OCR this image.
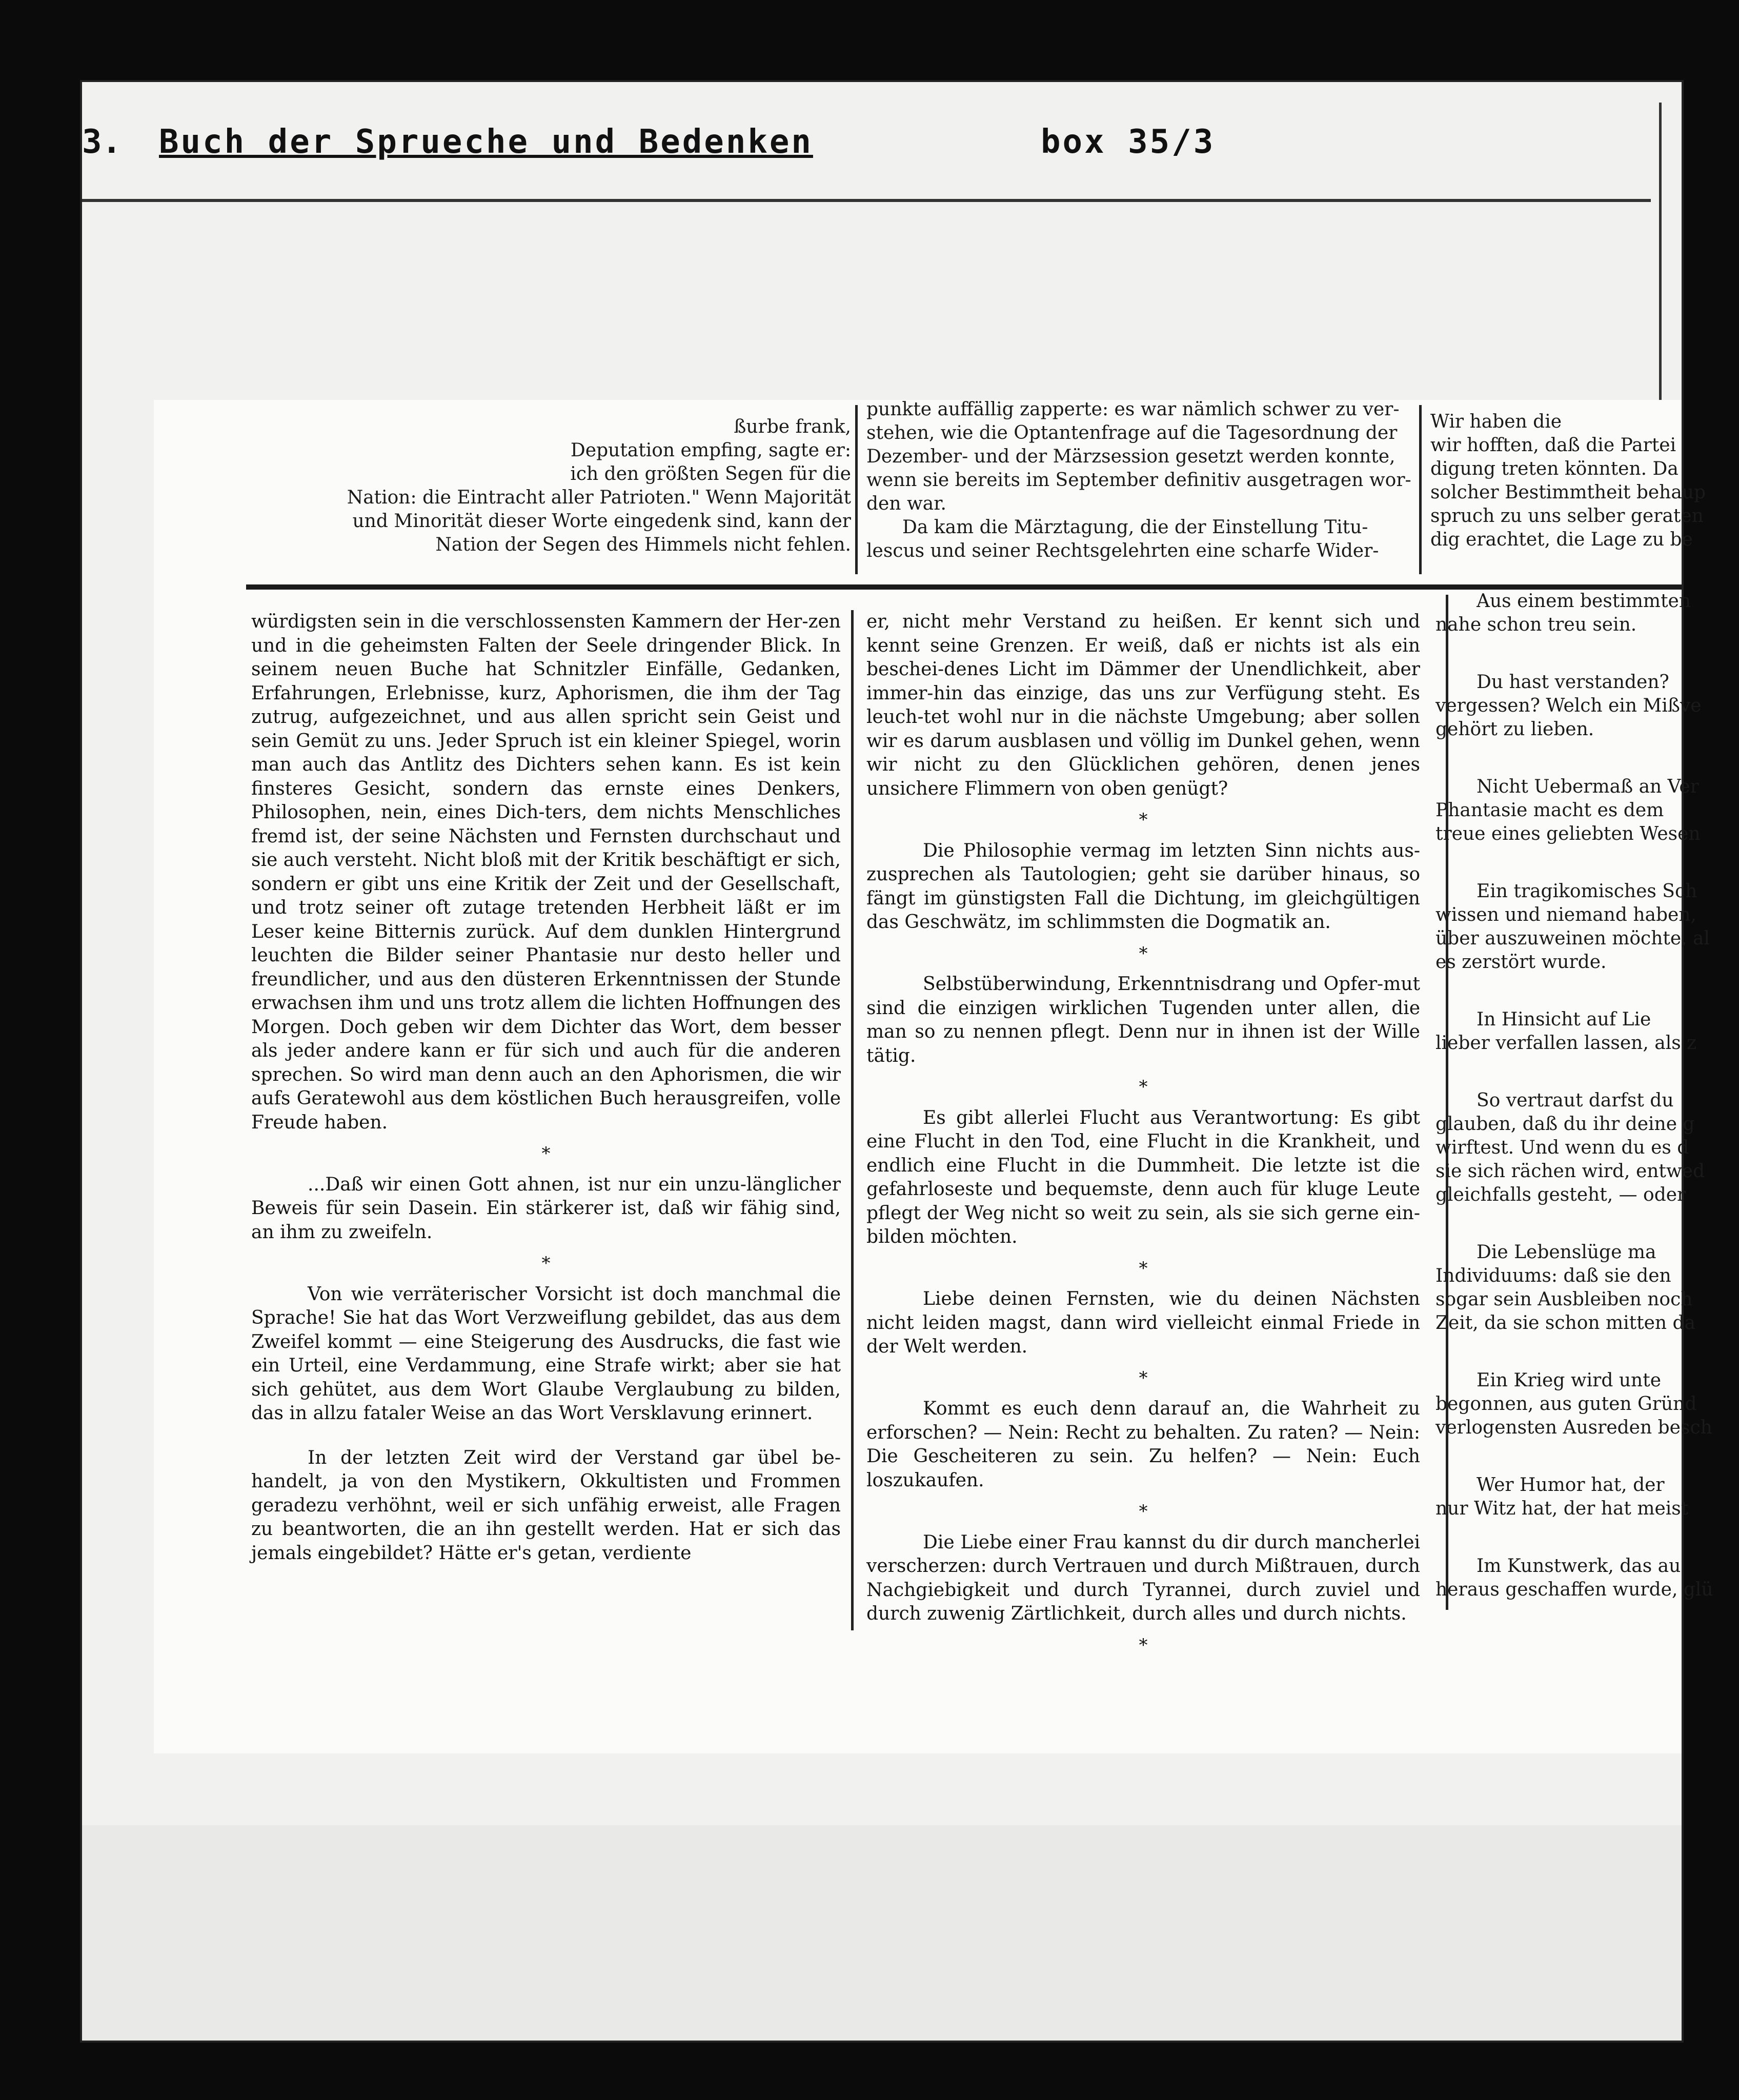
3. Buch der Sprueche und Bedenken	box 35/3

ßurbe frank,

Deputation empfing, sagte er:

ich den größten Segen für die

Nation: die Eintracht aller Patrioten." Wenn Majorität

und Minorität dieser Worte eingedenk sind, kann der

Nation der Segen des Himmels nicht fehlen.

punkte auffällig zapperte: es war nämlich schwer zu ver-

stehen, wie die Optantenfrage auf die Tagesordnung der

Dezember- und der Märzsession gesetzt werden konnte,

wenn sie bereits im September definitiv ausgetragen wor-

den war.

Da kam die Märztagung, die der Einstellung Titu-

lescus und seiner Rechtsgelehrten eine scharfe Wider-

Wir haben die

wir hofften, daß die Partei

digung treten könnten. Da

solcher Bestimmtheit behaup

spruch zu uns selber geraten

dig erachtet, die Lage zu be

würdigsten sein in die verschlossensten Kammern der Her-zen und in die geheimsten Falten der Seele dringender Blick. In seinem neuen Buche hat Schnitzler Einfälle, Gedanken, Erfahrungen, Erlebnisse, kurz, Aphorismen, die ihm der Tag zutrug, aufgezeichnet, und aus allen spricht sein Geist und sein Gemüt zu uns. Jeder Spruch ist ein kleiner Spiegel, worin man auch das Antlitz des Dichters sehen kann. Es ist kein finsteres Gesicht, sondern das ernste eines Denkers, Philosophen, nein, eines Dich-ters, dem nichts Menschliches fremd ist, der seine Nächsten und Fernsten durchschaut und sie auch versteht. Nicht bloß mit der Kritik beschäftigt er sich, sondern er gibt uns eine Kritik der Zeit und der Gesellschaft, und trotz seiner oft zutage tretenden Herbheit läßt er im Leser keine Bitternis zurück. Auf dem dunklen Hintergrund leuchten die Bilder seiner Phantasie nur desto heller und freundlicher, und aus den düsteren Erkenntnissen der Stunde erwachsen ihm und uns trotz allem die lichten Hoffnungen des Morgen. Doch geben wir dem Dichter das Wort, dem besser als jeder andere kann er für sich und auch für die anderen sprechen. So wird man denn auch an den Aphorismen, die wir aufs Geratewohl aus dem köstlichen Buch herausgreifen, volle Freude haben.

*

...Daß wir einen Gott ahnen, ist nur ein unzu-länglicher Beweis für sein Dasein. Ein stärkerer ist, daß wir fähig sind, an ihm zu zweifeln.

*

Von wie verräterischer Vorsicht ist doch manchmal die Sprache! Sie hat das Wort Verzweiflung gebildet, das aus dem Zweifel kommt — eine Steigerung des Ausdrucks, die fast wie ein Urteil, eine Verdammung, eine Strafe wirkt; aber sie hat sich gehütet, aus dem Wort Glaube Verglaubung zu bilden, das in allzu fataler Weise an das Wort Versklavung erinnert.

In der letzten Zeit wird der Verstand gar übel be-handelt, ja von den Mystikern, Okkultisten und Frommen geradezu verhöhnt, weil er sich unfähig erweist, alle Fragen zu beantworten, die an ihn gestellt werden. Hat er sich das jemals eingebildet? Hätte er's getan, verdiente

er, nicht mehr Verstand zu heißen. Er kennt sich und kennt seine Grenzen. Er weiß, daß er nichts ist als ein beschei-denes Licht im Dämmer der Unendlichkeit, aber immer-hin das einzige, das uns zur Verfügung steht. Es leuch-tet wohl nur in die nächste Umgebung; aber sollen wir es darum ausblasen und völlig im Dunkel gehen, wenn wir nicht zu den Glücklichen gehören, denen jenes unsichere Flimmern von oben genügt?

*

Die Philosophie vermag im letzten Sinn nichts aus-zusprechen als Tautologien; geht sie darüber hinaus, so fängt im günstigsten Fall die Dichtung, im gleichgültigen das Geschwätz, im schlimmsten die Dogmatik an.

*

Selbstüberwindung, Erkenntnisdrang und Opfer-mut sind die einzigen wirklichen Tugenden unter allen, die man so zu nennen pflegt. Denn nur in ihnen ist der Wille tätig.

*

Es gibt allerlei Flucht aus Verantwortung: Es gibt eine Flucht in den Tod, eine Flucht in die Krankheit, und endlich eine Flucht in die Dummheit. Die letzte ist die gefahrloseste und bequemste, denn auch für kluge Leute pflegt der Weg nicht so weit zu sein, als sie sich gerne ein-bilden möchten.

*

Liebe deinen Fernsten, wie du deinen Nächsten nicht leiden magst, dann wird vielleicht einmal Friede in der Welt werden.

*

Kommt es euch denn darauf an, die Wahrheit zu erforschen? — Nein: Recht zu behalten. Zu raten? — Nein: Die Gescheiteren zu sein. Zu helfen? — Nein: Euch loszukaufen.

*

Die Liebe einer Frau kannst du dir durch mancherlei verscherzen: durch Vertrauen und durch Mißtrauen, durch Nachgiebigkeit und durch Tyrannei, durch zuviel und durch zuwenig Zärtlichkeit, durch alles und durch nichts.

*

Aus einem bestimmten

nahe schon treu sein.

Du hast verstanden?

vergessen? Welch ein Mißve

gehört zu lieben.

Nicht Uebermaß an Ver

Phantasie macht es dem

treue eines geliebten Wesen

Ein tragikomisches Sch

wissen und niemand haben,

über auszuweinen möchte, al

es zerstört wurde.

In Hinsicht auf Lie

lieber verfallen lassen, als z

So vertraut darfst du

glauben, daß du ihr deine g

wirftest. Und wenn du es d

sie sich rächen wird, entwed

gleichfalls gesteht, — oder

Die Lebenslüge ma

Individuums: daß sie den

sogar sein Ausbleiben noch

Zeit, da sie schon mitten da

Ein Krieg wird unte

begonnen, aus guten Gründ

verlogensten Ausreden besch

Wer Humor hat, der

nur Witz hat, der hat meist

Im Kunstwerk, das au

heraus geschaffen wurde, glü
